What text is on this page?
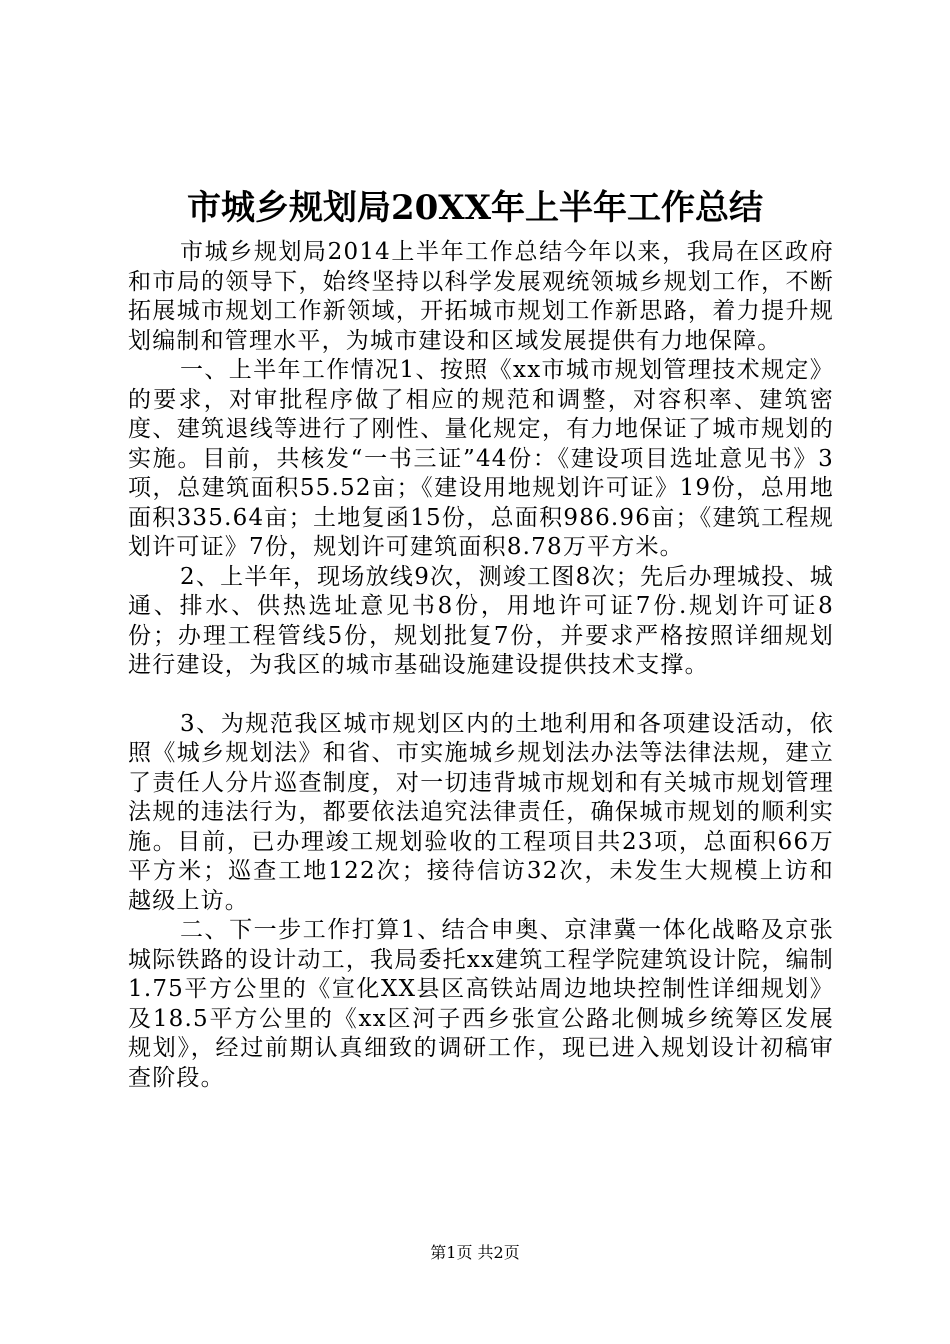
市城乡规划局20XX年上半年工作总结

市城乡规划局2014上半年工作总结今年以来，我局在区政府和市局的领导下，始终坚持以科学发展观统领城乡规划工作，不断拓展城市规划工作新领域，开拓城市规划工作新思路，着力提升规划编制和管理水平，为城市建设和区域发展提供有力地保障。

一、上半年工作情况1、按照《xx市城市规划管理技术规定》的要求，对审批程序做了相应的规范和调整，对容积率、建筑密度、建筑退线等进行了刚性、量化规定，有力地保证了城市规划的实施。目前，共核发“一书三证”44份：《建设项目选址意见书》3项，总建筑面积55.52亩；《建设用地规划许可证》19份，总用地面积335.64亩；土地复函15份，总面积986.96亩；《建筑工程规划许可证》7份，规划许可建筑面积8.78万平方米。

2、上半年，现场放线9次，测竣工图8次；先后办理城投、城通、排水、供热选址意见书8份，用地许可证7份.规划许可证8份；办理工程管线5份，规划批复7份，并要求严格按照详细规划进行建设，为我区的城市基础设施建设提供技术支撑。

3、为规范我区城市规划区内的土地利用和各项建设活动，依照《城乡规划法》和省、市实施城乡规划法办法等法律法规，建立了责任人分片巡查制度，对一切违背城市规划和有关城市规划管理法规的违法行为，都要依法追究法律责任，确保城市规划的顺利实施。目前，已办理竣工规划验收的工程项目共23项，总面积66万平方米；巡查工地122次；接待信访32次，未发生大规模上访和越级上访。

二、下一步工作打算1、结合申奥、京津冀一体化战略及京张城际铁路的设计动工，我局委托xx建筑工程学院建筑设计院，编制1.75平方公里的《宣化XX县区高铁站周边地块控制性详细规划》及18.5平方公里的《xx区河子西乡张宣公路北侧城乡统筹区发展规划》，经过前期认真细致的调研工作，现已进入规划设计初稿审查阶段。

第1页 共2页
